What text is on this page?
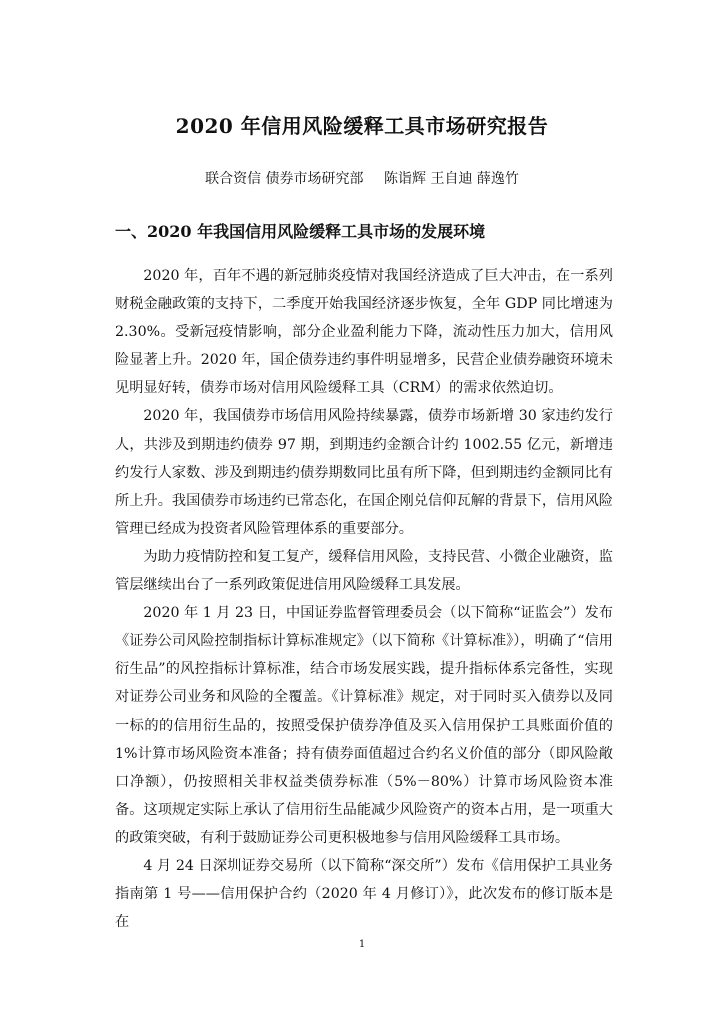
2020 年信用风险缓释工具市场研究报告

联合资信 债券市场研究部 陈诣辉 王自迪 薛逸竹

一、2020 年我国信用风险缓释工具市场的发展环境

2020 年，百年不遇的新冠肺炎疫情对我国经济造成了巨大冲击，在一系列财税金融政策的支持下，二季度开始我国经济逐步恢复，全年 GDP 同比增速为 2.30%。受新冠疫情影响，部分企业盈利能力下降，流动性压力加大，信用风险显著上升。2020 年，国企债券违约事件明显增多，民营企业债券融资环境未见明显好转，债券市场对信用风险缓释工具（CRM）的需求依然迫切。

2020 年，我国债券市场信用风险持续暴露，债券市场新增 30 家违约发行人，共涉及到期违约债券 97 期，到期违约金额合计约 1002.55 亿元，新增违约发行人家数、涉及到期违约债券期数同比虽有所下降，但到期违约金额同比有所上升。我国债券市场违约已常态化，在国企刚兑信仰瓦解的背景下，信用风险管理已经成为投资者风险管理体系的重要部分。

为助力疫情防控和复工复产，缓释信用风险，支持民营、小微企业融资，监管层继续出台了一系列政策促进信用风险缓释工具发展。

2020 年 1 月 23 日，中国证券监督管理委员会（以下简称“证监会”）发布《证券公司风险控制指标计算标准规定》（以下简称《计算标准》），明确了“信用衍生品”的风控指标计算标准，结合市场发展实践，提升指标体系完备性，实现对证券公司业务和风险的全覆盖。《计算标准》规定，对于同时买入债券以及同一标的的信用衍生品的，按照受保护债券净值及买入信用保护工具账面价值的 1%计算市场风险资本准备；持有债券面值超过合约名义价值的部分（即风险敞口净额），仍按照相关非权益类债券标准（5%－80%）计算市场风险资本准备。这项规定实际上承认了信用衍生品能减少风险资产的资本占用，是一项重大的政策突破，有利于鼓励证券公司更积极地参与信用风险缓释工具市场。

4 月 24 日深圳证券交易所（以下简称“深交所”）发布《信用保护工具业务指南第 1 号——信用保护合约（2020 年 4 月修订）》，此次发布的修订版本是在

1
